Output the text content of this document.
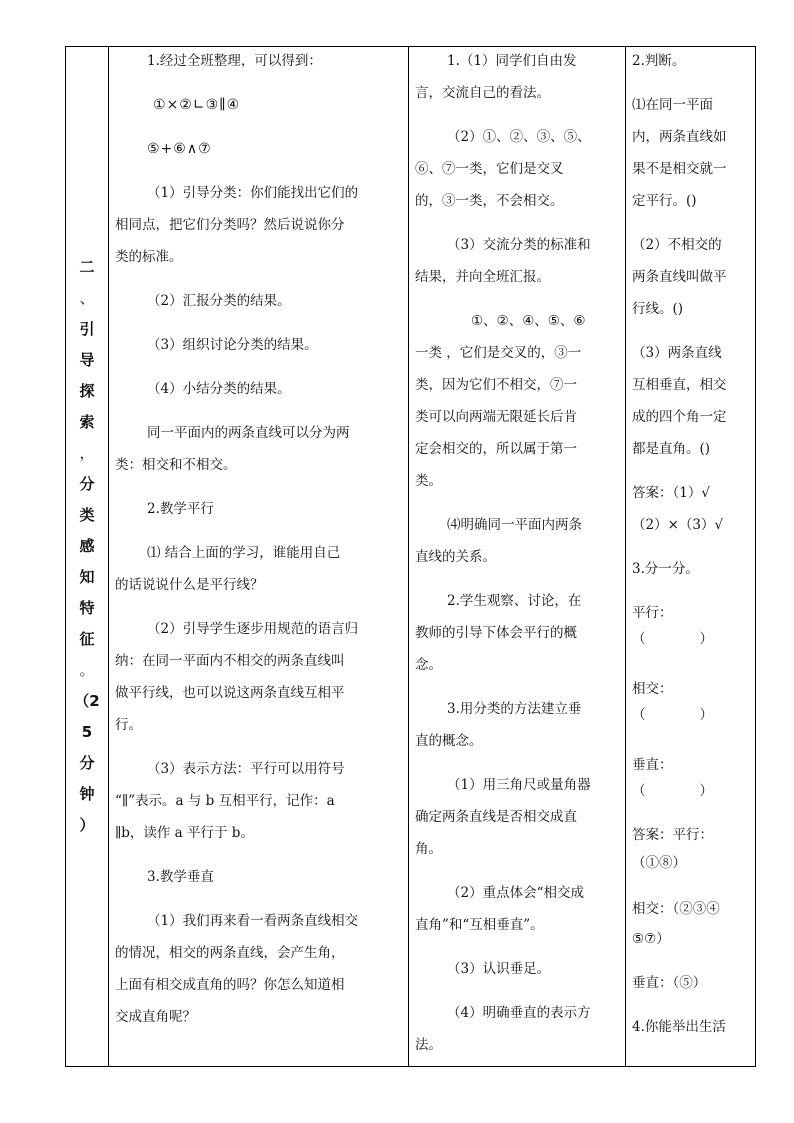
二
、
引
导
探
索
，
分
类
感
知
特
征
。
（2
5
分
钟
）

1.经过全班整理，可以得到：

①×②∟③∥④

⑤+⑥∧⑦

（1）引导分类：你们能找出它们的

相同点，把它们分类吗？然后说说你分

类的标准。

（2）汇报分类的结果。

（3）组织讨论分类的结果。

（4）小结分类的结果。

同一平面内的两条直线可以分为两

类：相交和不相交。

2.教学平行

⑴ 结合上面的学习，谁能用自己

的话说说什么是平行线？

（2）引导学生逐步用规范的语言归

纳：在同一平面内不相交的两条直线叫

做平行线，也可以说这两条直线互相平

行。

（3）表示方法：平行可以用符号

“∥”表示。a 与 b 互相平行，记作：a

∥b，读作 a 平行于 b。

3.教学垂直

（1）我们再来看一看两条直线相交

的情况，相交的两条直线，会产生角，

上面有相交成直角的吗？你怎么知道相

交成直角呢？

1.（1）同学们自由发

言，交流自己的看法。

（2）①、②、③、⑤、

⑥、⑦一类，它们是交叉

的，③一类，不会相交。

（3）交流分类的标准和

结果，并向全班汇报。

①、②、④、⑤、⑥

一类 ，它们是交叉的，③一

类，因为它们不相交，⑦一

类可以向两端无限延长后肯

定会相交的，所以属于第一

类。

⑷明确同一平面内两条

直线的关系。

2.学生观察、讨论，在

教师的引导下体会平行的概

念。

3.用分类的方法建立垂

直的概念。

（1）用三角尺或量角器

确定两条直线是否相交成直

角。

（2）重点体会“相交成

直角”和“互相垂直”。

（3）认识垂足。

（4）明确垂直的表示方

法。

2.判断。

⑴在同一平面

内，两条直线如

果不是相交就一

定平行。()

（2）不相交的

两条直线叫做平

行线。()

（3）两条直线

互相垂直，相交

成的四个角一定

都是直角。()

答案：（1）√

（2）×（3）√

3.分一分。

平行：

（　　　　）

相交：

（　　　　）

垂直：

（　　　　）

答案：平行：

（①⑧）

相交：（②③④

⑤⑦）

垂直：（⑤）

4.你能举出生活
